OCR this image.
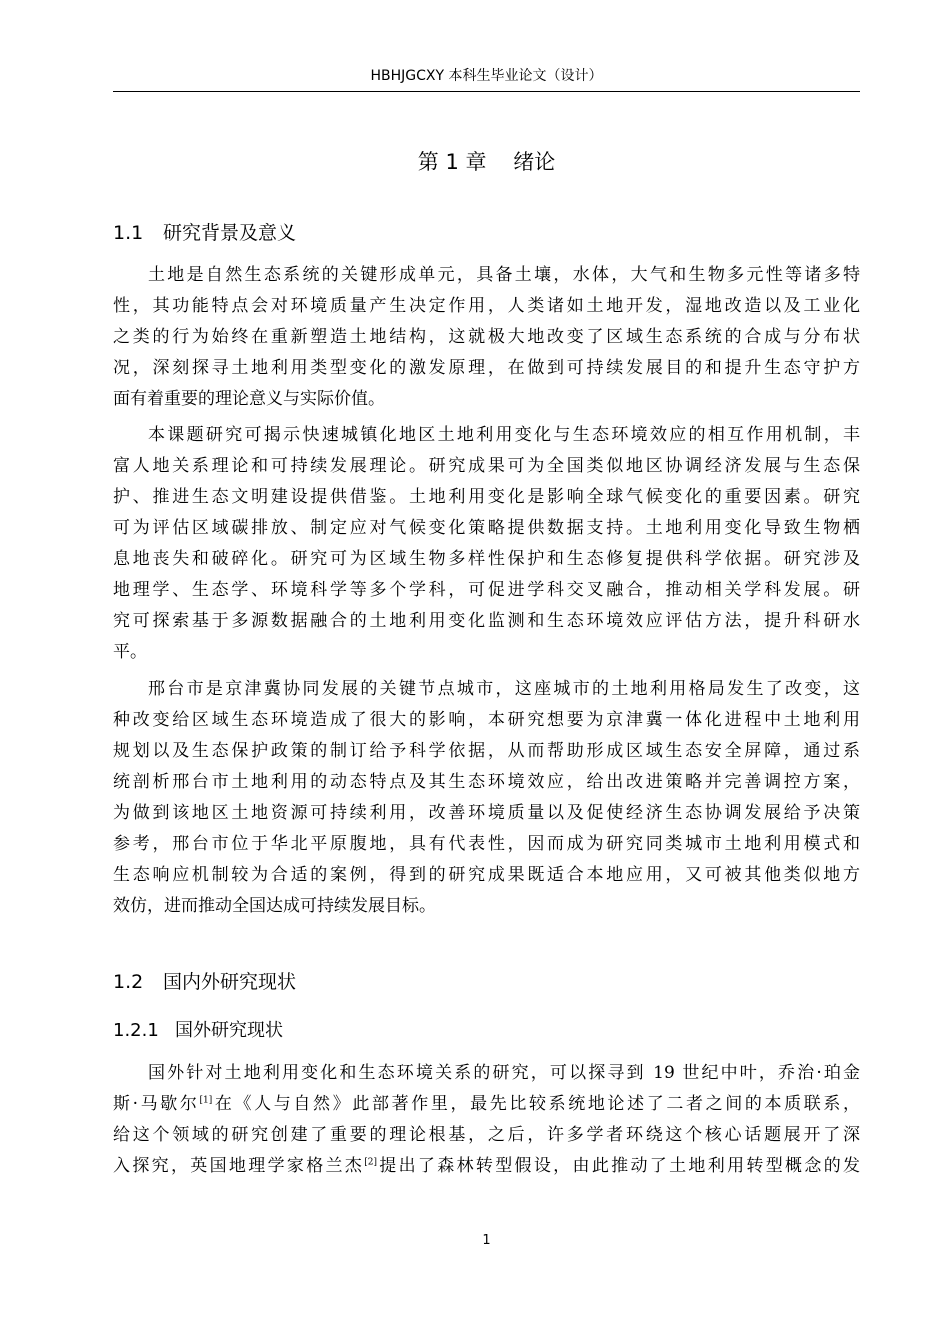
HBHJGCXY 本科生毕业论文（设计）
第 1 章    绪论
1.1 研究背景及意义
土地是自然生态系统的关键形成单元，具备土壤，水体，大气和生物多元性等诸多特
性，其功能特点会对环境质量产生决定作用，人类诸如土地开发，湿地改造以及工业化
之类的行为始终在重新塑造土地结构，这就极大地改变了区域生态系统的合成与分布状
况，深刻探寻土地利用类型变化的激发原理，在做到可持续发展目的和提升生态守护方
面有着重要的理论意义与实际价值。
本课题研究可揭示快速城镇化地区土地利用变化与生态环境效应的相互作用机制，丰
富人地关系理论和可持续发展理论。研究成果可为全国类似地区协调经济发展与生态保
护、推进生态文明建设提供借鉴。土地利用变化是影响全球气候变化的重要因素。研究
可为评估区域碳排放、制定应对气候变化策略提供数据支持。土地利用变化导致生物栖
息地丧失和破碎化。研究可为区域生物多样性保护和生态修复提供科学依据。研究涉及
地理学、生态学、环境科学等多个学科，可促进学科交叉融合，推动相关学科发展。研
究可探索基于多源数据融合的土地利用变化监测和生态环境效应评估方法，提升科研水
平。
邢台市是京津冀协同发展的关键节点城市，这座城市的土地利用格局发生了改变，这
种改变给区域生态环境造成了很大的影响，本研究想要为京津冀一体化进程中土地利用
规划以及生态保护政策的制订给予科学依据，从而帮助形成区域生态安全屏障，通过系
统剖析邢台市土地利用的动态特点及其生态环境效应，给出改进策略并完善调控方案，
为做到该地区土地资源可持续利用，改善环境质量以及促使经济生态协调发展给予决策
参考，邢台市位于华北平原腹地，具有代表性，因而成为研究同类城市土地利用模式和
生态响应机制较为合适的案例，得到的研究成果既适合本地应用，又可被其他类似地方
效仿，进而推动全国达成可持续发展目标。
1.2 国内外研究现状
1.2.1 国外研究现状
国外针对土地利用变化和生态环境关系的研究，可以探寻到 19 世纪中叶，乔治·珀金
斯·马歇尔[1]在《人与自然》此部著作里，最先比较系统地论述了二者之间的本质联系，
给这个领域的研究创建了重要的理论根基，之后，许多学者环绕这个核心话题展开了深
入探究，英国地理学家格兰杰[2]提出了森林转型假设，由此推动了土地利用转型概念的发
1
